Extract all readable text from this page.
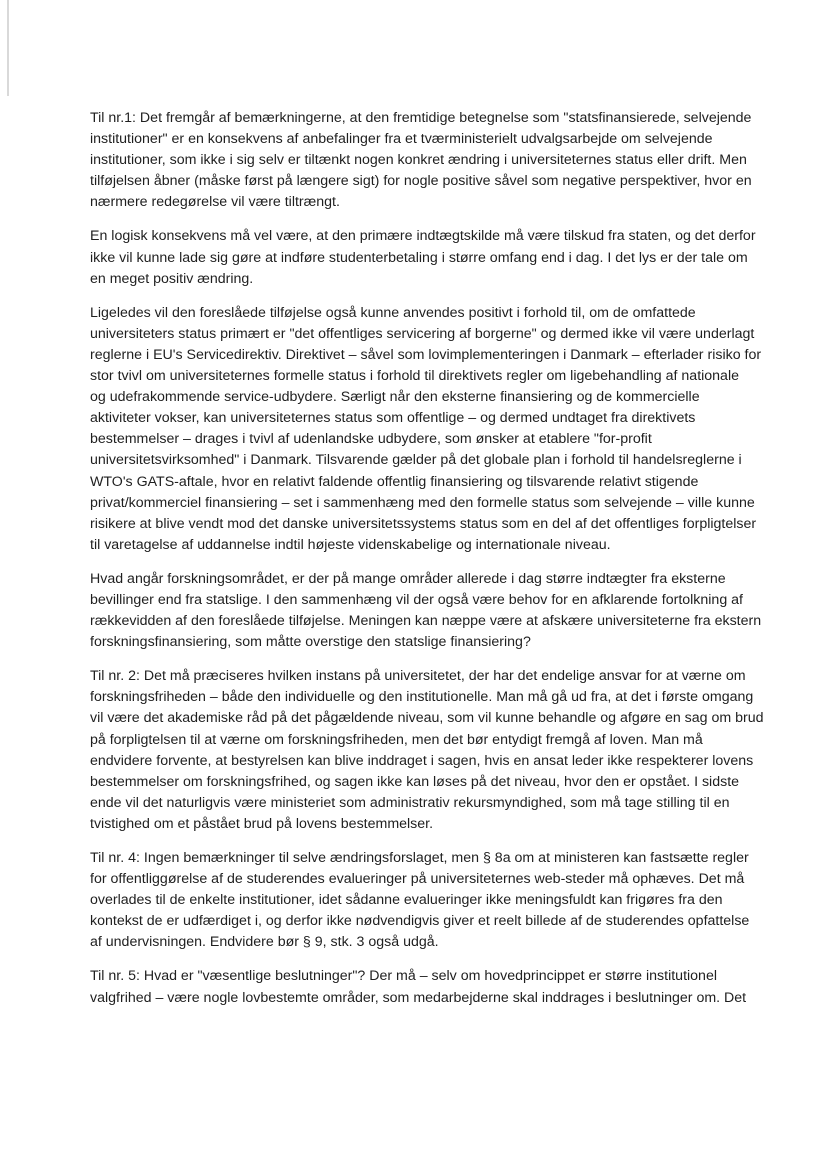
Til nr.1: Det fremgår af bemærkningerne, at den fremtidige betegnelse som "statsfinansierede, selvejende
institutioner" er en konsekvens af anbefalinger fra et tværministerielt udvalgsarbejde om selvejende
institutioner, som ikke i sig selv er tiltænkt nogen konkret ændring i universiteternes status eller drift. Men
tilføjelsen åbner (måske først på længere sigt) for nogle positive såvel som negative perspektiver, hvor en
nærmere redegørelse vil være tiltrængt.

En logisk konsekvens må vel være, at den primære indtægtskilde må være tilskud fra staten, og det derfor
ikke vil kunne lade sig gøre at indføre studenterbetaling i større omfang end i dag. I det lys er der tale om
en meget positiv ændring.

Ligeledes vil den foreslåede tilføjelse også kunne anvendes positivt i forhold til, om de omfattede
universiteters status primært er "det offentliges servicering af borgerne" og dermed ikke vil være underlagt
reglerne i EU's Servicedirektiv. Direktivet – såvel som lovimplementeringen i Danmark – efterlader risiko for
stor tvivl om universiteternes formelle status i forhold til direktivets regler om ligebehandling af nationale
og udefrakommende service-udbydere. Særligt når den eksterne finansiering og de kommercielle
aktiviteter vokser, kan universiteternes status som offentlige – og dermed undtaget fra direktivets
bestemmelser – drages i tvivl af udenlandske udbydere, som ønsker at etablere "for-profit
universitetsvirksomhed" i Danmark. Tilsvarende gælder på det globale plan i forhold til handelsreglerne i
WTO's GATS-aftale, hvor en relativt faldende offentlig finansiering og tilsvarende relativt stigende
privat/kommerciel finansiering – set i sammenhæng med den formelle status som selvejende – ville kunne
risikere at blive vendt mod det danske universitetssystems status som en del af det offentliges forpligtelser
til varetagelse af uddannelse indtil højeste videnskabelige og internationale niveau.

Hvad angår forskningsområdet, er der på mange områder allerede i dag større indtægter fra eksterne
bevillinger end fra statslige. I den sammenhæng vil der også være behov for en afklarende fortolkning af
rækkevidden af den foreslåede tilføjelse. Meningen kan næppe være at afskære universiteterne fra ekstern
forskningsfinansiering, som måtte overstige den statslige finansiering?

Til nr. 2: Det må præciseres hvilken instans på universitetet, der har det endelige ansvar for at værne om
forskningsfriheden – både den individuelle og den institutionelle. Man må gå ud fra, at det i første omgang
vil være det akademiske råd på det pågældende niveau, som vil kunne behandle og afgøre en sag om brud
på forpligtelsen til at værne om forskningsfriheden, men det bør entydigt fremgå af loven. Man må
endvidere forvente, at bestyrelsen kan blive inddraget i sagen, hvis en ansat leder ikke respekterer lovens
bestemmelser om forskningsfrihed, og sagen ikke kan løses på det niveau, hvor den er opstået. I sidste
ende vil det naturligvis være ministeriet som administrativ rekursmyndighed, som må tage stilling til en
tvistighed om et påstået brud på lovens bestemmelser.

Til nr. 4: Ingen bemærkninger til selve ændringsforslaget, men § 8a om at ministeren kan fastsætte regler
for offentliggørelse af de studerendes evalueringer på universiteternes web-steder må ophæves. Det må
overlades til de enkelte institutioner, idet sådanne evalueringer ikke meningsfuldt kan frigøres fra den
kontekst de er udfærdiget i, og derfor ikke nødvendigvis giver et reelt billede af de studerendes opfattelse
af undervisningen. Endvidere bør § 9, stk. 3 også udgå.

Til nr. 5: Hvad er "væsentlige beslutninger"? Der må – selv om hovedprincippet er større institutionel
valgfrihed – være nogle lovbestemte områder, som medarbejderne skal inddrages i beslutninger om. Det
